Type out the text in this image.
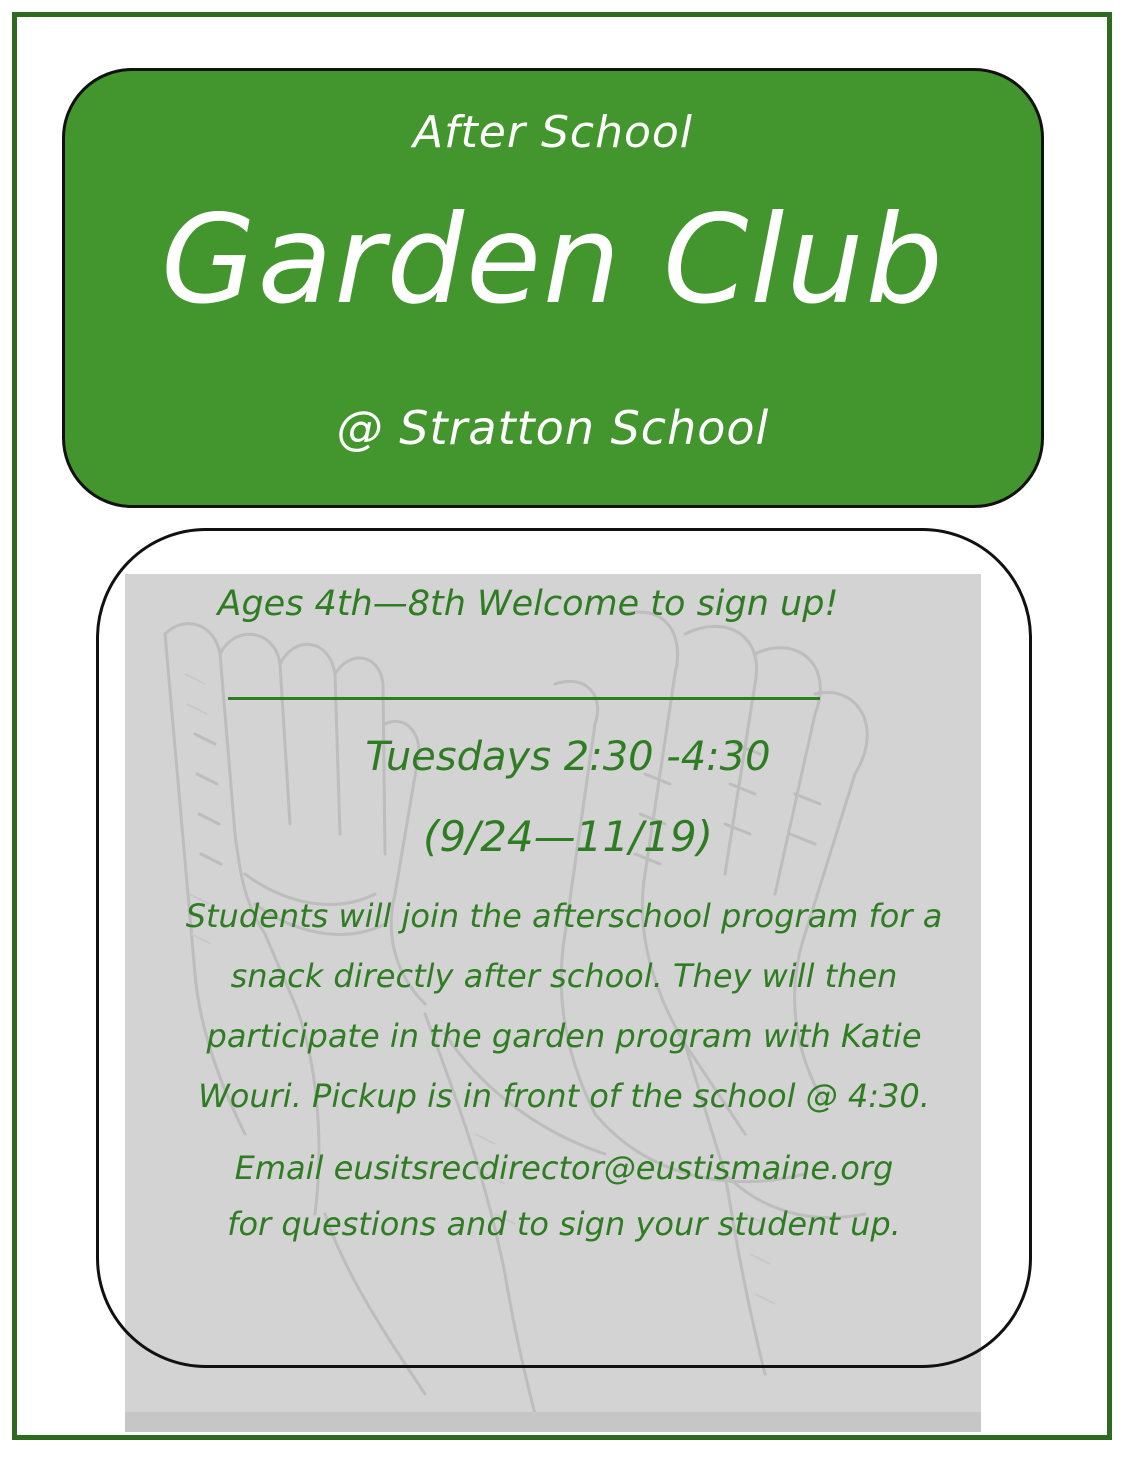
After School
Garden Club
@ Stratton School
Ages 4th—8th Welcome to sign up!
Tuesdays 2:30 -4:30
(9/24—11/19)
Students will join the afterschool program for a
snack directly after school. They will then
participate in the garden program with Katie
Wouri. Pickup is in front of the school @ 4:30.
Email eusitsrecdirector@eustismaine.org
for questions and to sign your student up.
